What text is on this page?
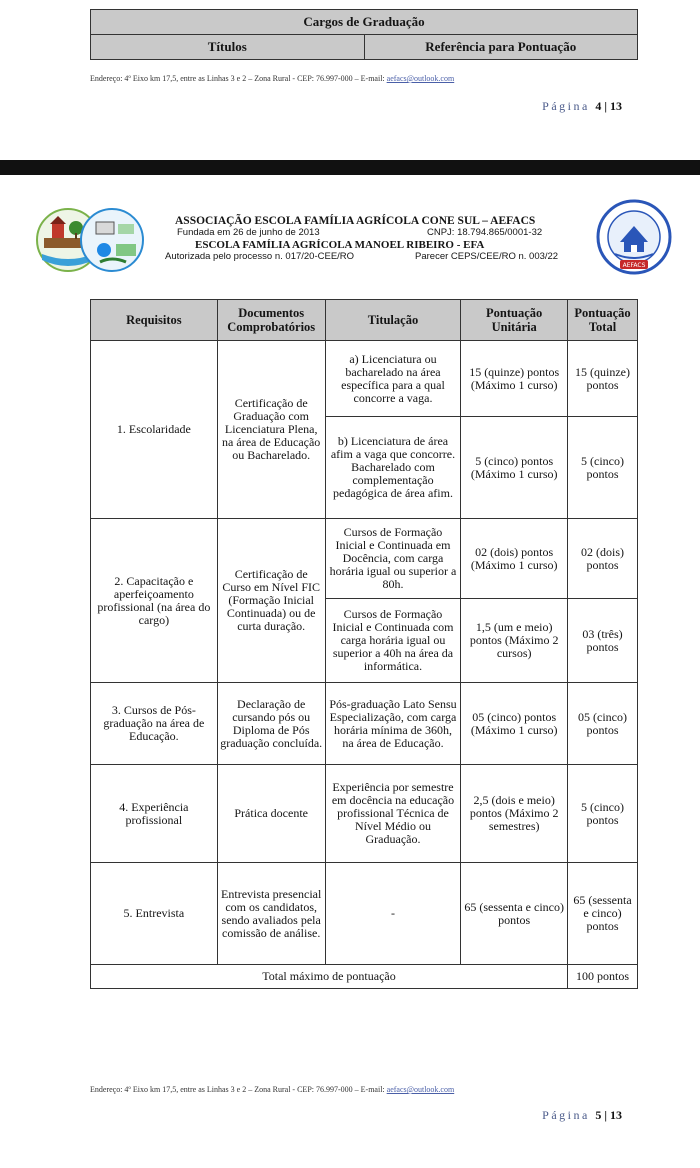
Cargos de Graduação
Títulos	Referência para Pontuação
Endereço: 4º Eixo km 17,5, entre as Linhas 3 e 2 – Zona Rural - CEP: 76.997-000 – E-mail: aefacs@outlook.com
Página 4 | 13
ASSOCIAÇÃO ESCOLA FAMÍLIA AGRÍCOLA CONE SUL – AEFACS
Fundada em 26 de junho de 2013	CNPJ: 18.794.865/0001-32
ESCOLA FAMÍLIA AGRÍCOLA MANOEL RIBEIRO - EFA
Autorizada pelo processo n. 017/20-CEE/RO	Parecer CEPS/CEE/RO n. 003/22
AEFACS
Requisitos	Documentos Comprobatórios	Titulação	Pontuação Unitária	Pontuação Total
1. Escolaridade	Certificação de Graduação com Licenciatura Plena, na área de Educação ou Bacharelado.	a) Licenciatura ou bacharelado na área específica para a qual concorre a vaga.	15 (quinze) pontos (Máximo 1 curso)	15 (quinze) pontos
		b) Licenciatura de área afim a vaga que concorre. Bacharelado com complementação pedagógica de área afim.	5 (cinco) pontos (Máximo 1 curso)	5 (cinco) pontos
2. Capacitação e aperfeiçoamento profissional (na área do cargo)	Certificação de Curso em Nível FIC (Formação Inicial Continuada) ou de curta duração.	Cursos de Formação Inicial e Continuada em Docência, com carga horária igual ou superior a 80h.	02 (dois) pontos (Máximo 1 curso)	02 (dois) pontos
		Cursos de Formação Inicial e Continuada com carga horária igual ou superior a 40h na área da informática.	1,5 (um e meio) pontos (Máximo 2 cursos)	03 (três) pontos
3. Cursos de Pós-graduação na área de Educação.	Declaração de cursando pós ou Diploma de Pós graduação concluída.	Pós-graduação Lato Sensu Especialização, com carga horária mínima de 360h, na área de Educação.	05 (cinco) pontos (Máximo 1 curso)	05 (cinco) pontos
4. Experiência profissional	Prática docente	Experiência por semestre em docência na educação profissional Técnica de Nível Médio ou Graduação.	2,5 (dois e meio) pontos (Máximo 2 semestres)	5 (cinco) pontos
5. Entrevista	Entrevista presencial com os candidatos, sendo avaliados pela comissão de análise.	-	65 (sessenta e cinco) pontos	65 (sessenta e cinco) pontos
Total máximo de pontuação				100 pontos
Endereço: 4º Eixo km 17,5, entre as Linhas 3 e 2 – Zona Rural - CEP: 76.997-000 – E-mail: aefacs@outlook.com
Página 5 | 13
